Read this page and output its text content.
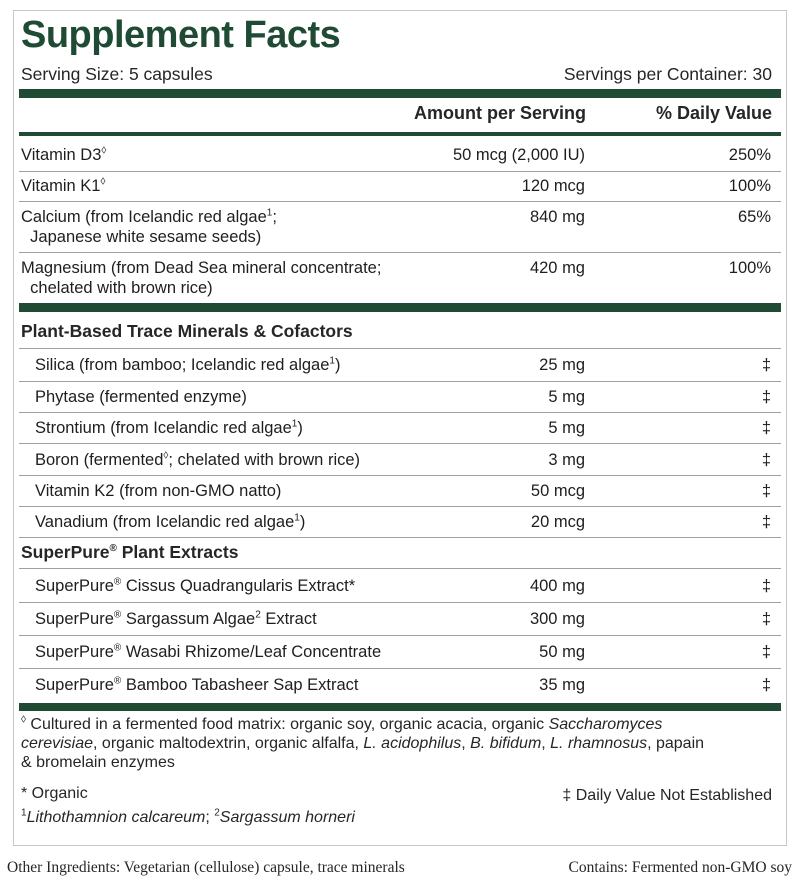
Supplement Facts
Serving Size: 5 capsules	Servings per Container: 30
Amount per Serving	% Daily Value
Vitamin D3◊	50 mcg (2,000 IU)	250%
Vitamin K1◊	120 mcg	100%
Calcium (from Icelandic red algae$^1$;
Japanese white sesame seeds)
840 mg	65%
Magnesium (from Dead Sea mineral concentrate;
chelated with brown rice)
420 mg	100%
Plant-Based Trace Minerals & Cofactors
Silica (from bamboo; Icelandic red algae$^1$)	25 mg	‡
Phytase (fermented enzyme)	5 mg	‡
Strontium (from Icelandic red algae$^1$)	5 mg	‡
Boron (fermented◊; chelated with brown rice)	3 mg	‡
Vitamin K2 (from non-GMO natto)	50 mcg	‡
Vanadium (from Icelandic red algae$^1$)	20 mcg	‡
SuperPure® Plant Extracts
SuperPure® Cissus Quadrangularis Extract*	400 mg	‡
SuperPure® Sargassum Algae$^2$ Extract	300 mg	‡
SuperPure® Wasabi Rhizome/Leaf Concentrate	50 mg	‡
SuperPure® Bamboo Tabasheer Sap Extract	35 mg	‡
◊ Cultured in a fermented food matrix: organic soy, organic acacia, organic Saccharomyces
cerevisiae, organic maltodextrin, organic alfalfa, L. acidophilus, B. bifidum, L. rhamnosus, papain
& bromelain enzymes
* Organic	‡ Daily Value Not Established
$^1$Lithothamnion calcareum; $^2$Sargassum horneri
Other Ingredients: Vegetarian (cellulose) capsule, trace minerals	Contains: Fermented non-GMO soy
